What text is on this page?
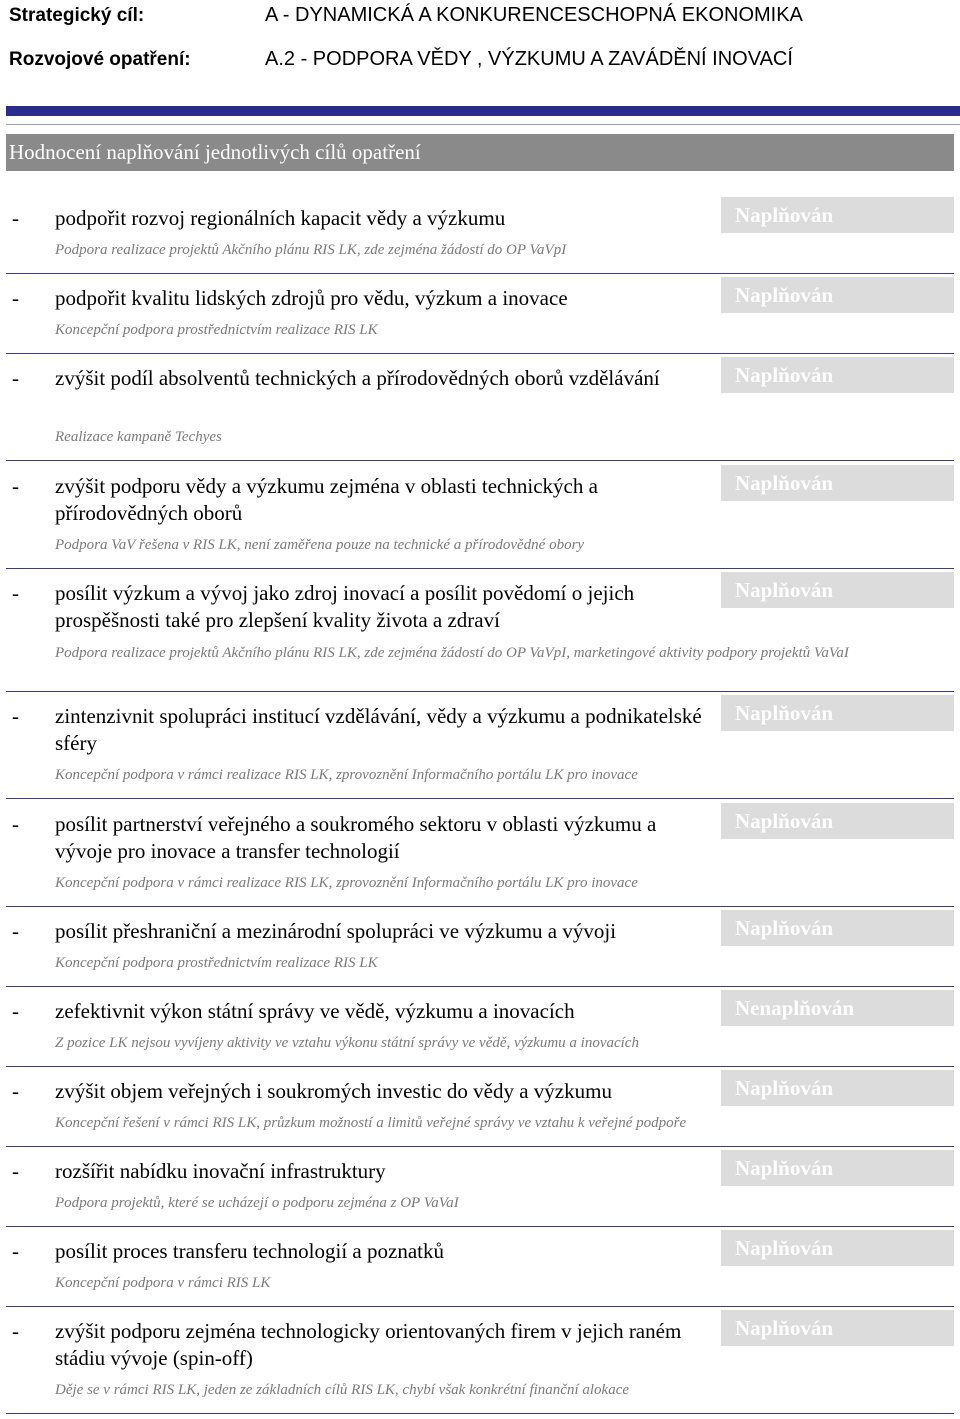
Strategický cíl:	A - DYNAMICKÁ A KONKURENCESCHOPNÁ EKONOMIKA
Rozvojové opatření:	A.2 - PODPORA VĚDY , VÝZKUMU A ZAVÁDĚNÍ INOVACÍ
Hodnocení naplňování jednotlivých cílů opatření
- podpořit rozvoj regionálních kapacit vědy a výzkumu	Naplňován
Podpora realizace projektů Akčního plánu RIS LK, zde zejména žádostí do OP VaVpI
- podpořit kvalitu lidských zdrojů pro vědu, výzkum a inovace	Naplňován
Koncepční podpora prostřednictvím realizace RIS LK
- zvýšit podíl absolventů technických a přírodovědných oborů vzdělávání	Naplňován
Realizace kampaně Techyes
- zvýšit podporu vědy a výzkumu zejména v oblasti technických a přírodovědných oborů
Naplňován
Podpora VaV řešena v RIS LK, není zaměřena pouze na technické a přírodovědné obory
- posílit výzkum a vývoj jako zdroj inovací a posílit povědomí o jejich prospěšnosti také pro zlepšení kvality života a zdraví
Naplňován
Podpora realizace projektů Akčního plánu RIS LK, zde zejména žádostí do OP VaVpI, marketingové aktivity podpory projektů VaVaI
- zintenzivnit spolupráci institucí vzdělávání, vědy a výzkumu a podnikatelské sféry
Naplňován
Koncepční podpora v rámci realizace RIS LK, zprovoznění Informačního portálu LK pro inovace
- posílit partnerství veřejného a soukromého sektoru v oblasti výzkumu a vývoje pro inovace a transfer technologií
Naplňován
Koncepční podpora v rámci realizace RIS LK, zprovoznění Informačního portálu LK pro inovace
- posílit přeshraniční a mezinárodní spolupráci ve výzkumu a vývoji	Naplňován
Koncepční podpora prostřednictvím realizace RIS LK
- zefektivnit výkon státní správy ve vědě, výzkumu a inovacích	Nenaplňován
Z pozice LK nejsou vyvíjeny aktivity ve vztahu výkonu státní správy ve vědě, výzkumu a inovacích
- zvýšit objem veřejných i soukromých investic do vědy a výzkumu	Naplňován
Koncepční řešení v rámci RIS LK, průzkum možností a limitů veřejné správy ve vztahu k veřejné podpoře
- rozšířit nabídku inovační infrastruktury	Naplňován
Podpora projektů, které se ucházejí o podporu zejména z OP VaVaI
- posílit proces transferu technologií a poznatků	Naplňován
Koncepční podpora v rámci RIS LK
- zvýšit podporu zejména technologicky orientovaných firem v jejich raném stádiu vývoje (spin-off)
Naplňován
Děje se v rámci RIS LK, jeden ze základních cílů RIS LK, chybí však konkrétní finanční alokace
